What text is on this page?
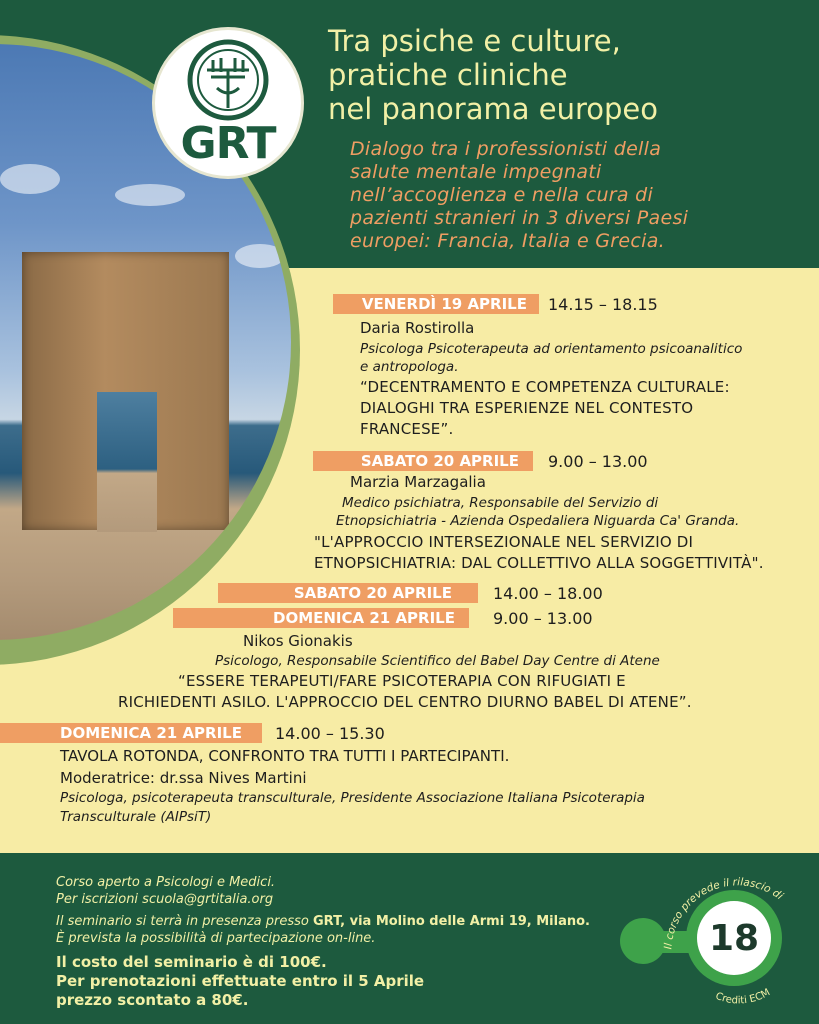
GRT
Tra psiche e culture,
pratiche cliniche
nel panorama europeo
Dialogo tra i professionisti della
salute mentale impegnati
nell’accoglienza e nella cura di
pazienti stranieri in 3 diversi Paesi
europei: Francia, Italia e Grecia.
VENERDÌ 19 APRILE	14.15 – 18.15
Daria Rostirolla
Psicologa Psicoterapeuta ad orientamento psicoanalitico
e antropologa.
“DECENTRAMENTO E COMPETENZA CULTURALE:
DIALOGHI TRA ESPERIENZE NEL CONTESTO
FRANCESE”.
SABATO 20 APRILE	9.00 – 13.00
Marzia Marzagalia
Medico psichiatra, Responsabile del Servizio di
Etnopsichiatria - Azienda Ospedaliera Niguarda Ca' Granda.
"L'APPROCCIO INTERSEZIONALE NEL SERVIZIO DI
ETNOPSICHIATRIA: DAL COLLETTIVO ALLA SOGGETTIVITÀ".
SABATO 20 APRILE	14.00 – 18.00
DOMENICA 21 APRILE	9.00 – 13.00
Nikos Gionakis
Psicologo, Responsabile Scientifico del Babel Day Centre di Atene
“ESSERE TERAPEUTI/FARE PSICOTERAPIA CON RIFUGIATI E
RICHIEDENTI ASILO. L'APPROCCIO DEL CENTRO DIURNO BABEL DI ATENE”.
DOMENICA 21 APRILE	14.00 – 15.30
TAVOLA ROTONDA, CONFRONTO TRA TUTTI I PARTECIPANTI.
Moderatrice: dr.ssa Nives Martini
Psicologa, psicoterapeuta transculturale, Presidente Associazione Italiana Psicoterapia
Transculturale (AIPsiT)
Corso aperto a Psicologi e Medici.
Per iscrizioni scuola@grtitalia.org
Il seminario si terrà in presenza presso GRT, via Molino delle Armi 19, Milano.
È prevista la possibilità di partecipazione on-line.
Il costo del seminario è di 100€.
Per prenotazioni effettuate entro il 5 Aprile
prezzo scontato a 80€.
18
Il corso prevede il rilascio di
Crediti ECM
